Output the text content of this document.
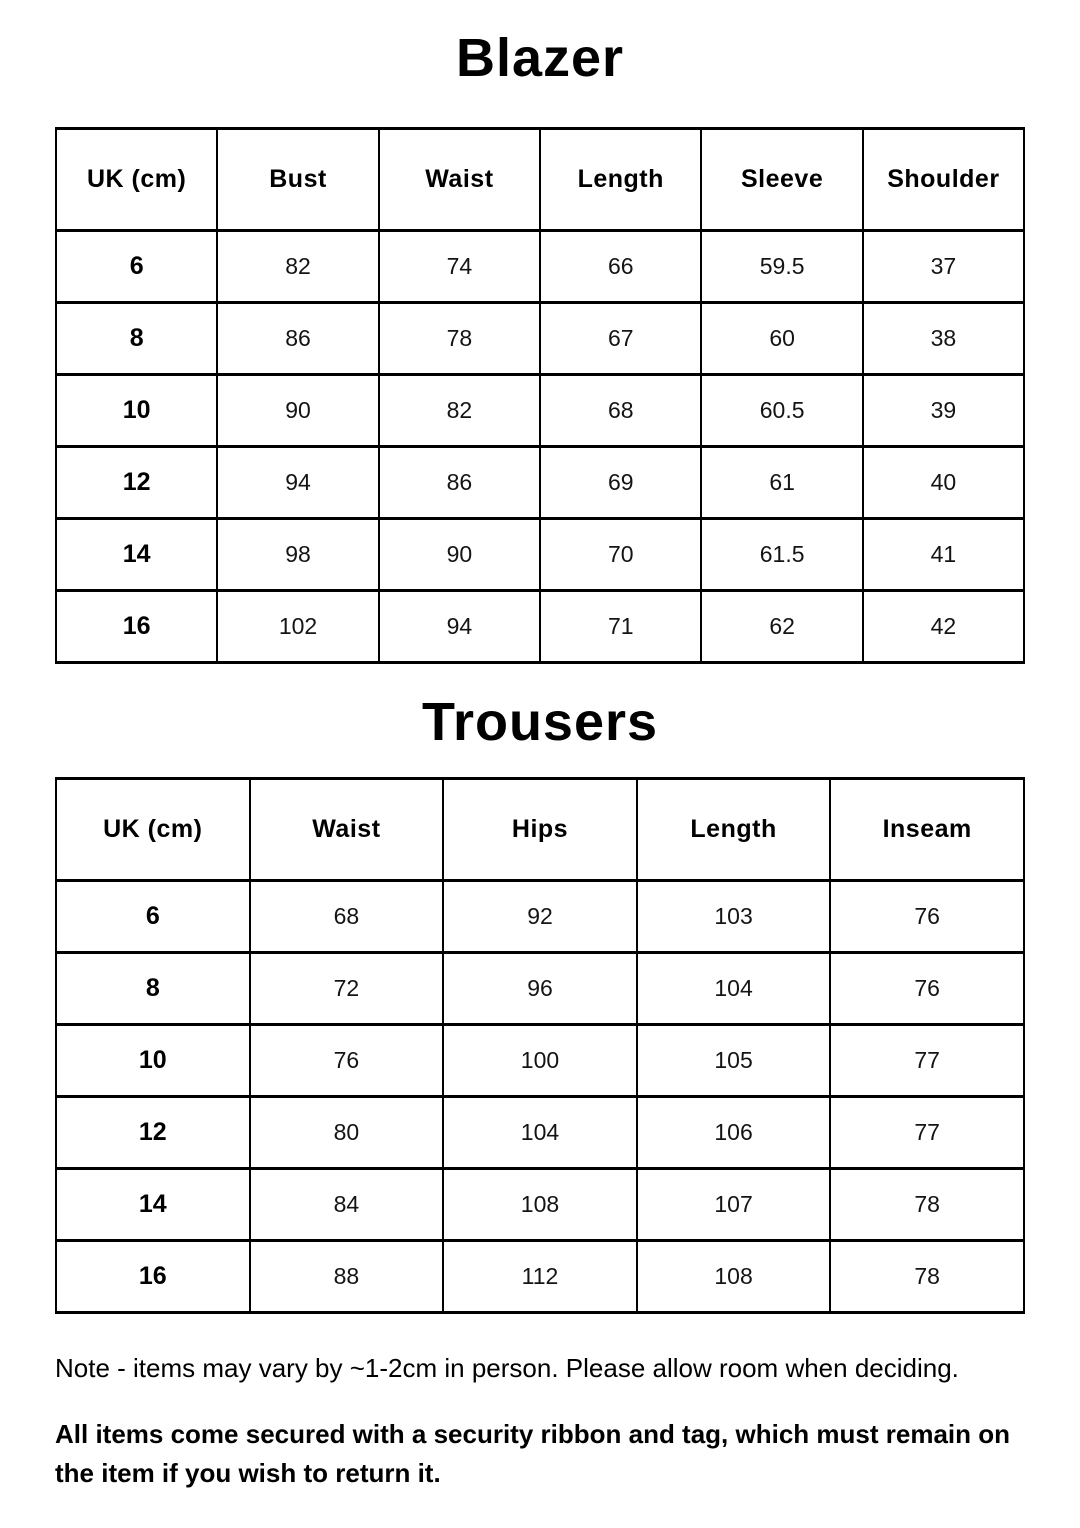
Blazer
UK (cm)	Bust	Waist	Length	Sleeve	Shoulder
6	82	74	66	59.5	37
8	86	78	67	60	38
10	90	82	68	60.5	39
12	94	86	69	61	40
14	98	90	70	61.5	41
16	102	94	71	62	42
Trousers
UK (cm)	Waist	Hips	Length	Inseam
6	68	92	103	76
8	72	96	104	76
10	76	100	105	77
12	80	104	106	77
14	84	108	107	78
16	88	112	108	78

Note - items may vary by ~1-2cm in person. Please allow room when deciding.

All items come secured with a security ribbon and tag, which must remain on the item if you wish to return it.
